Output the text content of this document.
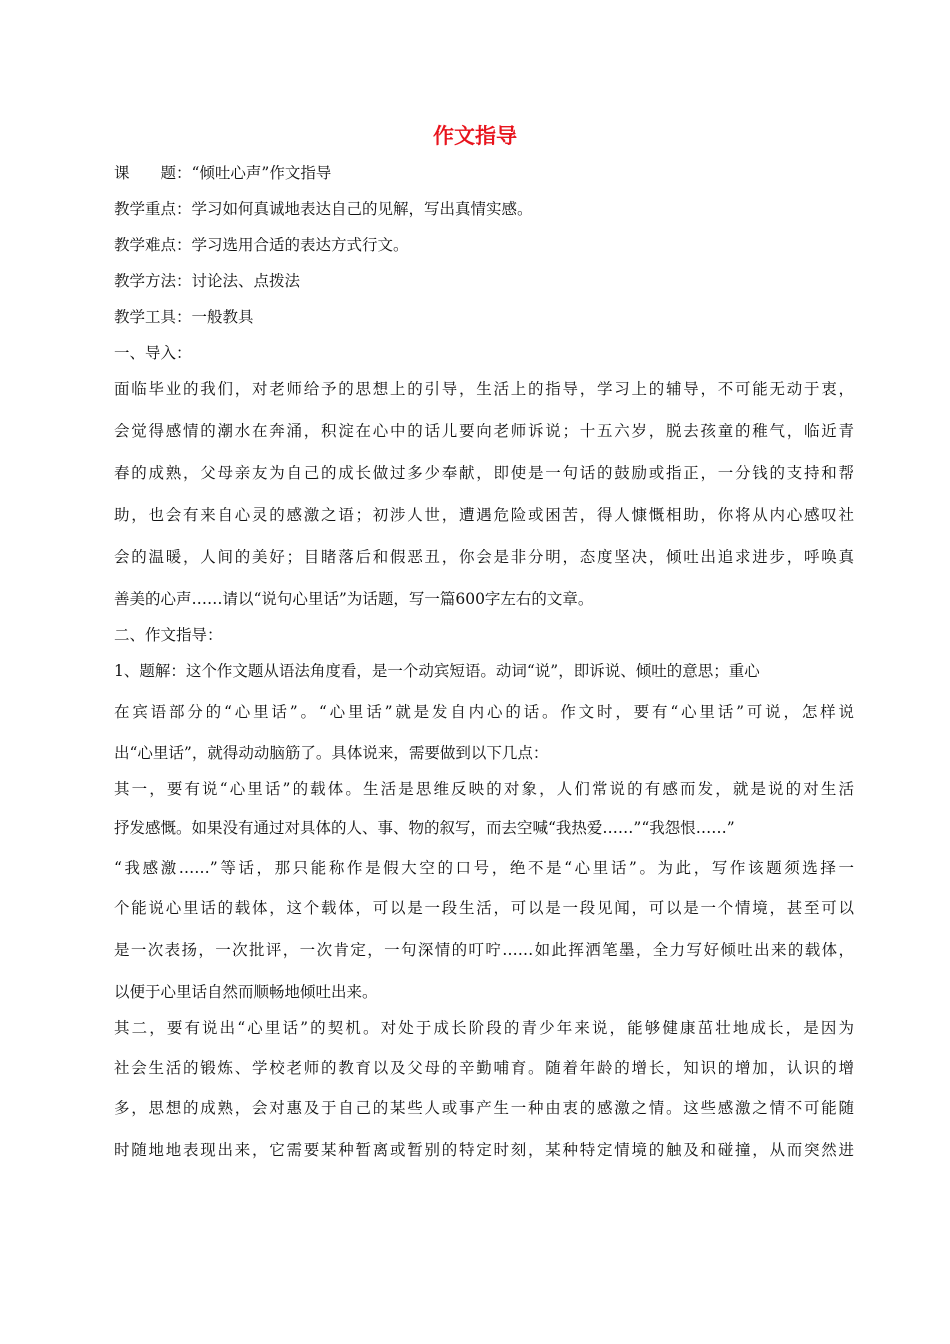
作文指导
课　　题：“倾吐心声”作文指导
教学重点：学习如何真诚地表达自己的见解，写出真情实感。
教学难点：学习选用合适的表达方式行文。
教学方法：讨论法、点拨法
教学工具：一般教具
一、导入：
面临毕业的我们，对老师给予的思想上的引导，生活上的指导，学习上的辅导，不可能无动于衷，
会觉得感情的潮水在奔涌，积淀在心中的话儿要向老师诉说；十五六岁，脱去孩童的稚气，临近青
春的成熟，父母亲友为自己的成长做过多少奉献，即使是一句话的鼓励或指正，一分钱的支持和帮
助，也会有来自心灵的感激之语；初涉人世，遭遇危险或困苦，得人慷慨相助，你将从内心感叹社
会的温暖，人间的美好；目睹落后和假恶丑，你会是非分明，态度坚决，倾吐出追求进步，呼唤真
善美的心声……请以“说句心里话”为话题，写一篇600字左右的文章。
二、作文指导：
1、题解：这个作文题从语法角度看，是一个动宾短语。动词“说”，即诉说、倾吐的意思；重心
在宾语部分的“心里话”。“心里话”就是发自内心的话。作文时，要有“心里话”可说，怎样说
出“心里话”，就得动动脑筋了。具体说来，需要做到以下几点：
其一，要有说“心里话”的载体。生活是思维反映的对象，人们常说的有感而发，就是说的对生活
抒发感慨。如果没有通过对具体的人、事、物的叙写，而去空喊“我热爱……”“我怨恨……”
“我感激……”等话，那只能称作是假大空的口号，绝不是“心里话”。为此，写作该题须选择一
个能说心里话的载体，这个载体，可以是一段生活，可以是一段见闻，可以是一个情境，甚至可以
是一次表扬，一次批评，一次肯定，一句深情的叮咛……如此挥洒笔墨，全力写好倾吐出来的载体，
以便于心里话自然而顺畅地倾吐出来。
其二，要有说出“心里话”的契机。对处于成长阶段的青少年来说，能够健康茁壮地成长，是因为
社会生活的锻炼、学校老师的教育以及父母的辛勤哺育。随着年龄的增长，知识的增加，认识的增
多，思想的成熟，会对惠及于自己的某些人或事产生一种由衷的感激之情。这些感激之情不可能随
时随地地表现出来，它需要某种暂离或暂别的特定时刻，某种特定情境的触及和碰撞，从而突然进
